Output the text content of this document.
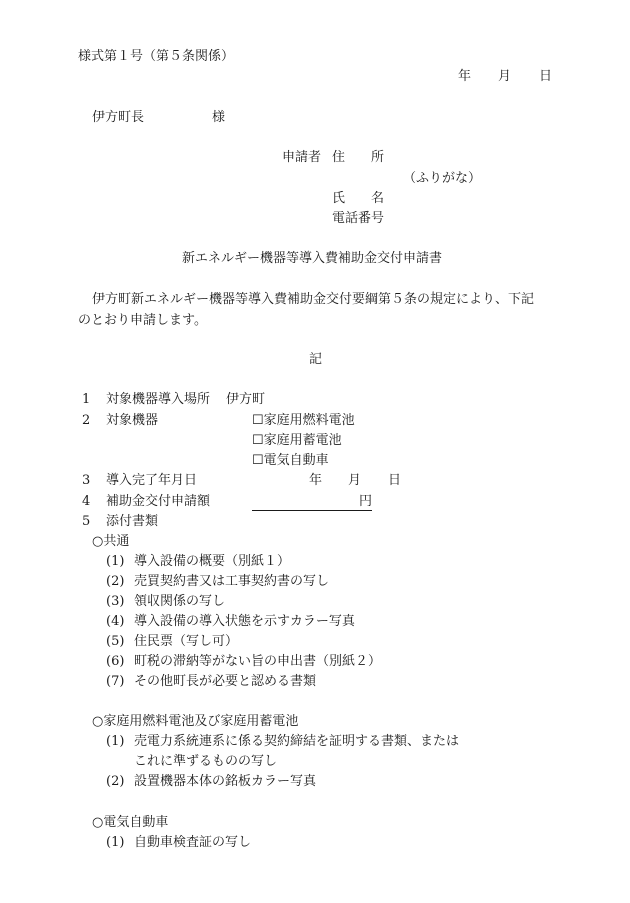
様式第１号（第５条関係）
年 月 日
伊方町長	様
申請者 住　　所
（ふりがな）
氏　　名
電話番号
新エネルギー機器等導入費補助金交付申請書
伊方町新エネルギー機器等導入費補助金交付要綱第５条の規定により、下記
のとおり申請します。
記
1 対象機器導入場所 伊方町
2 対象機器	☐家庭用燃料電池
☐家庭用蓄電池
☐電気自動車
3 導入完了年月日	年 月 日
4 補助金交付申請額	円
5 添付書類
○共通
(1) 導入設備の概要（別紙１）
(2) 売買契約書又は工事契約書の写し
(3) 領収関係の写し
(4) 導入設備の導入状態を示すカラー写真
(5) 住民票（写し可）
(6) 町税の滞納等がない旨の申出書（別紙２）
(7) その他町長が必要と認める書類
○家庭用燃料電池及び家庭用蓄電池
(1) 売電力系統連系に係る契約締結を証明する書類、または
これに準ずるものの写し
(2) 設置機器本体の銘板カラー写真
○電気自動車
(1) 自動車検査証の写し
